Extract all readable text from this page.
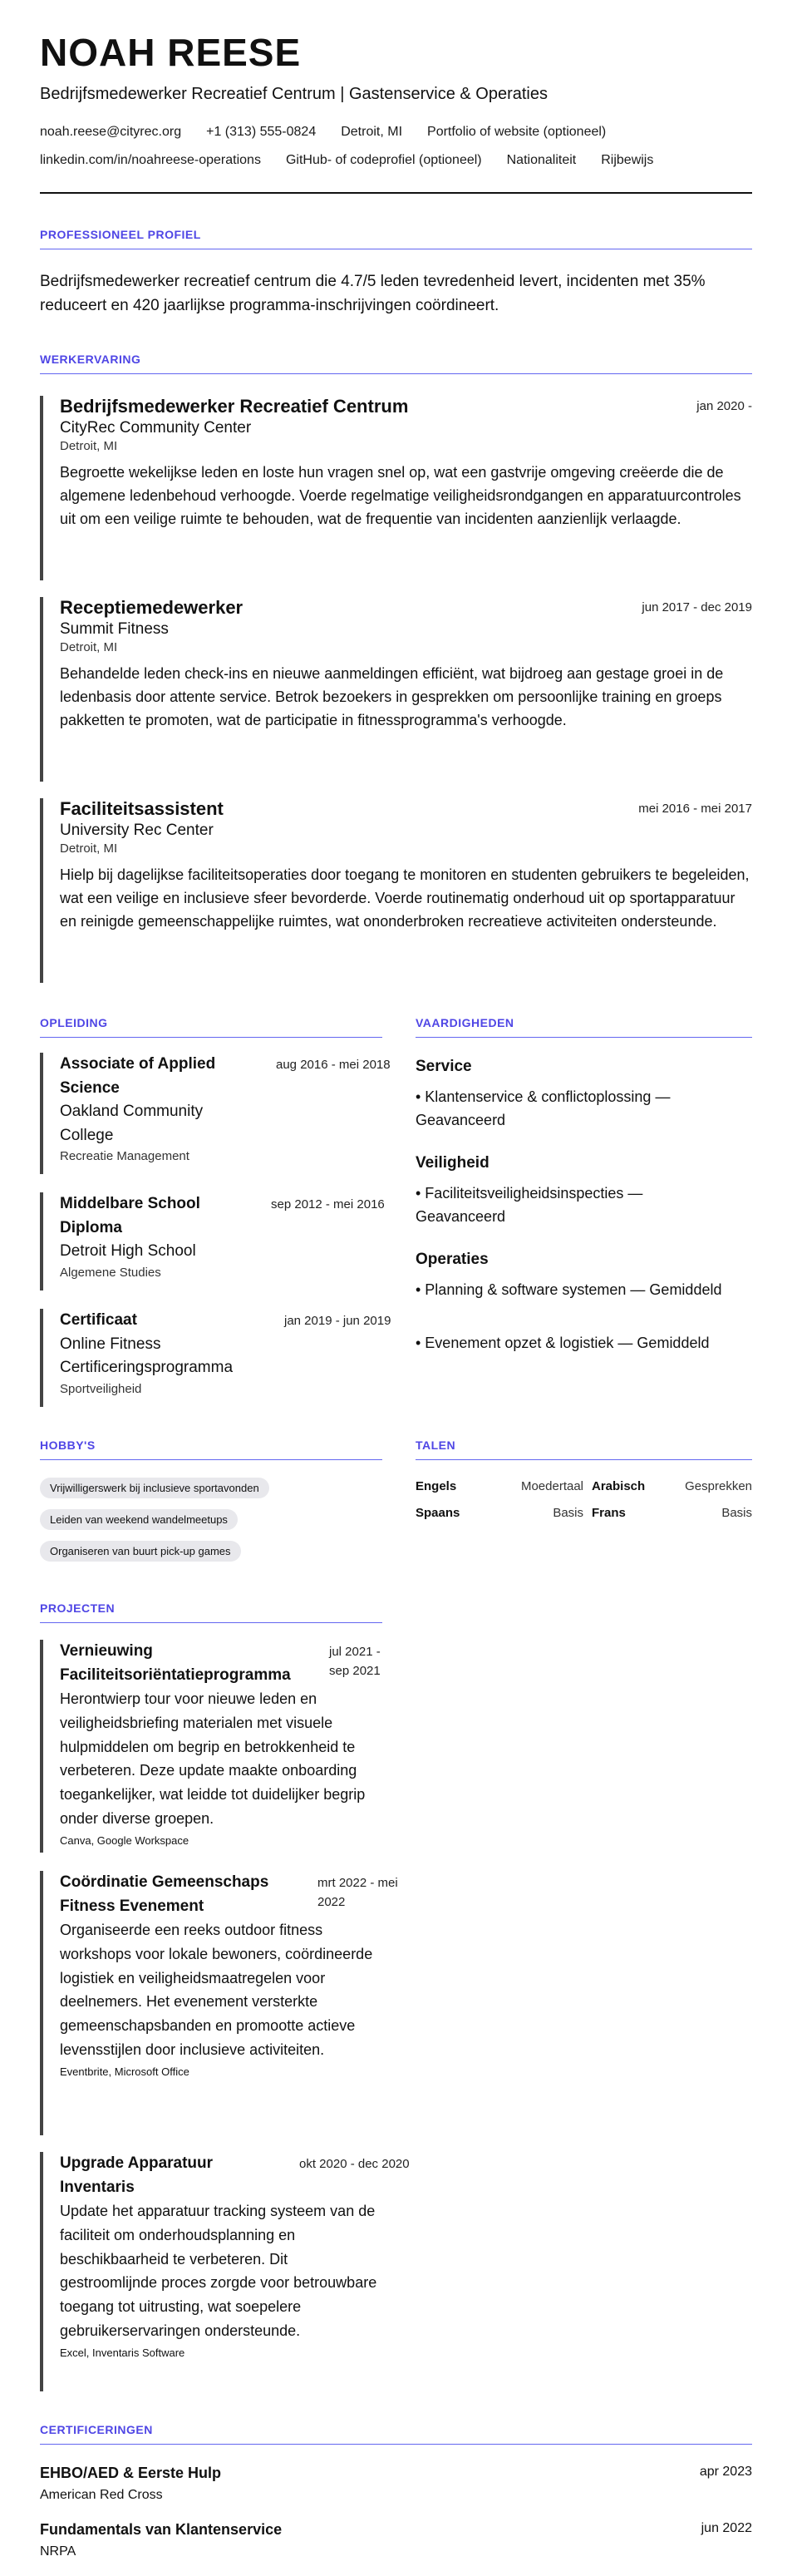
NOAH REESE
Bedrijfsmedewerker Recreatief Centrum | Gastenservice & Operaties
noah.reese@cityrec.org +1 (313) 555-0824 Detroit, MI Portfolio of website (optioneel)
linkedin.com/in/noahreese-operations GitHub- of codeprofiel (optioneel) Nationaliteit Rijbewijs
PROFESSIONEEL PROFIEL

Bedrijfsmedewerker recreatief centrum die 4.7/5 leden tevredenheid levert, incidenten met 35% reduceert en 420 jaarlijkse programma-inschrijvingen coördineert.

WERKERVARING
Bedrijfsmedewerker Recreatief Centrum	jan 2020 -
CityRec Community Center
Detroit, MI

Begroette wekelijkse leden en loste hun vragen snel op, wat een gastvrije omgeving creëerde die de algemene ledenbehoud verhoogde. Voerde regelmatige veiligheidsrondgangen en apparatuurcontroles uit om een veilige ruimte te behouden, wat de frequentie van incidenten aanzienlijk verlaagde.

Receptiemedewerker	jun 2017 - dec 2019
Summit Fitness
Detroit, MI

Behandelde leden check-ins en nieuwe aanmeldingen efficiënt, wat bijdroeg aan gestage groei in de ledenbasis door attente service. Betrok bezoekers in gesprekken om persoonlijke training en groeps pakketten te promoten, wat de participatie in fitnessprogramma's verhoogde.

Faciliteitsassistent	mei 2016 - mei 2017
University Rec Center
Detroit, MI

Hielp bij dagelijkse faciliteitsoperaties door toegang te monitoren en studenten gebruikers te begeleiden, wat een veilige en inclusieve sfeer bevorderde. Voerde routinematig onderhoud uit op sportapparatuur en reinigde gemeenschappelijke ruimtes, wat ononderbroken recreatieve activiteiten ondersteunde.

OPLEIDING
Associate of Applied Science
aug 2016 - mei 2018
Oakland Community College
Recreatie Management
Middelbare School Diploma
sep 2012 - mei 2016
Detroit High School
Algemene Studies
Certificaat	jan 2019 - jun 2019
Online Fitness Certificeringsprogramma
Sportveiligheid
VAARDIGHEDEN
Service
• Klantenservice & conflictoplossing — Geavanceerd
Veiligheid
• Faciliteitsveiligheidsinspecties — Geavanceerd
Operaties
• Planning & software systemen — Gemiddeld
• Evenement opzet & logistiek — Gemiddeld
HOBBY'S
Vrijwilligerswerk bij inclusieve sportavonden
Leiden van weekend wandelmeetups
Organiseren van buurt pick-up games
TALEN
Engels	Moedertaal Arabisch	Gesprekken
Spaans	Basis Frans	Basis
PROJECTEN
Vernieuwing Faciliteitsoriëntatieprogramma
jul 2021 - sep 2021

Herontwierp tour voor nieuwe leden en veiligheidsbriefing materialen met visuele hulpmiddelen om begrip en betrokkenheid te verbeteren. Deze update maakte onboarding toegankelijker, wat leidde tot duidelijker begrip onder diverse groepen.

Canva, Google Workspace
Coördinatie Gemeenschaps Fitness Evenement
mrt 2022 - mei 2022

Organiseerde een reeks outdoor fitness workshops voor lokale bewoners, coördineerde logistiek en veiligheidsmaatregelen voor deelnemers. Het evenement versterkte gemeenschapsbanden en promootte actieve levensstijlen door inclusieve activiteiten.

Eventbrite, Microsoft Office
Upgrade Apparatuur Inventaris
okt 2020 - dec 2020

Update het apparatuur tracking systeem van de faciliteit om onderhoudsplanning en beschikbaarheid te verbeteren. Dit gestroomlijnde proces zorgde voor betrouwbare toegang tot uitrusting, wat soepelere gebruikerservaringen ondersteunde.

Excel, Inventaris Software
CERTIFICERINGEN
EHBO/AED & Eerste Hulp	apr 2023
American Red Cross
Fundamentals van Klantenservice	jun 2022
NRPA
